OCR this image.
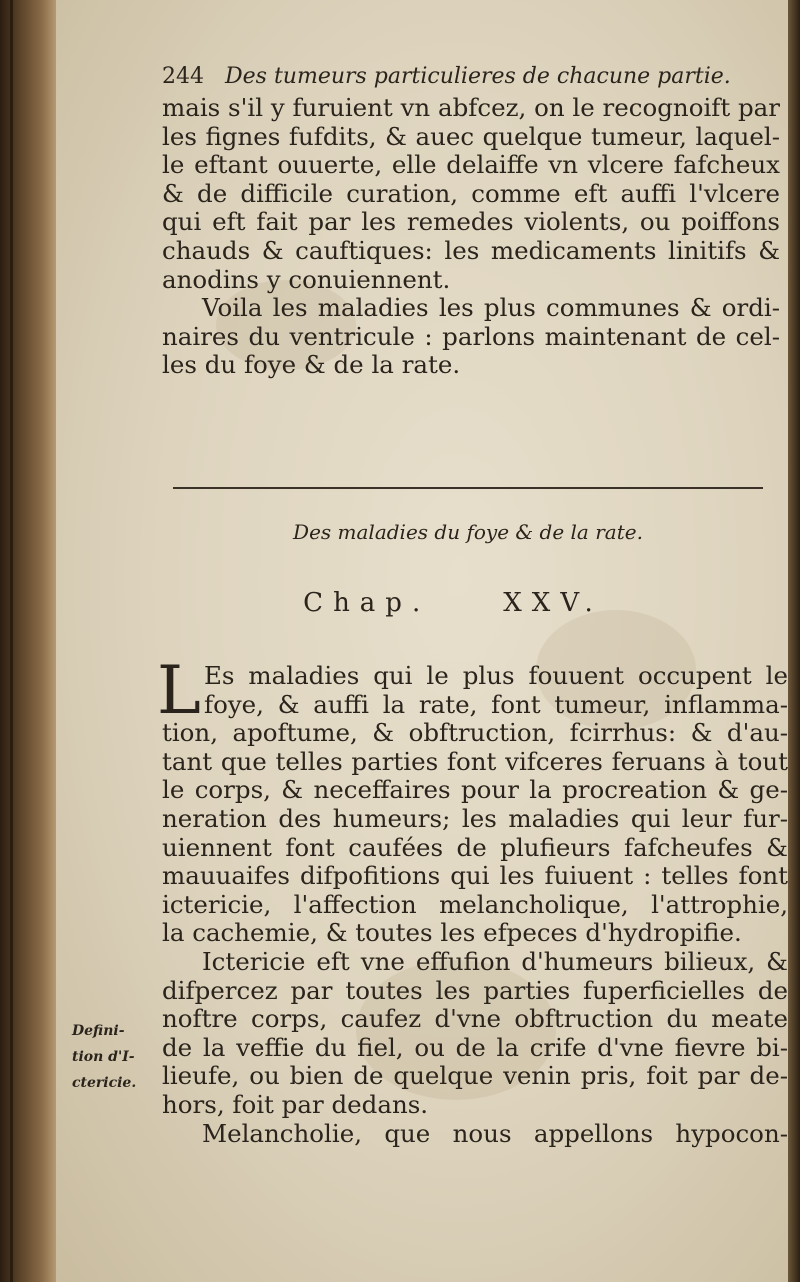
244 Des tumeurs particulieres de chacune partie.
mais s'il y furuient vn abfcez, on le recognoift par
les fignes fufdits, & auec quelque tumeur, laquel-
le eftant ouuerte, elle delaiffe vn vlcere fafcheux
& de difficile curation, comme eft auffi l'vlcere
qui eft fait par les remedes violents, ou poiffons
chauds & cauftiques: les medicaments linitifs &
anodins y conuiennent.
Voila les maladies les plus communes & ordi-
naires du ventricule : parlons maintenant de cel-
les du foye & de la rate.
Des maladies du foye & de la rate.
Chap.	XXV.
L Es maladies qui le plus fouuent occupent le
foye, & auffi la rate, font tumeur, inflamma-
tion, apoftume, & obftruction, fcirrhus: & d'au-
tant que telles parties font vifceres feruans à tout
le corps, & neceffaires pour la procreation & ge-
neration des humeurs; les maladies qui leur fur-
uiennent font caufées de plufieurs fafcheufes &
mauuaifes difpofitions qui les fuiuent : telles font
ictericie, l'affection melancholique, l'attrophie,
la cachemie, & toutes les efpeces d'hydropifie.
Ictericie eft vne effufion d'humeurs bilieux, &
difpercez par toutes les parties fuperficielles de
noftre corps, caufez d'vne obftruction du meate
de la veffie du fiel, ou de la crife d'vne fievre bi-
lieufe, ou bien de quelque venin pris, foit par de-
hors, foit par dedans.
Melancholie, que nous appellons hypocon-
Defini-
tion d'I-
ctericie.
